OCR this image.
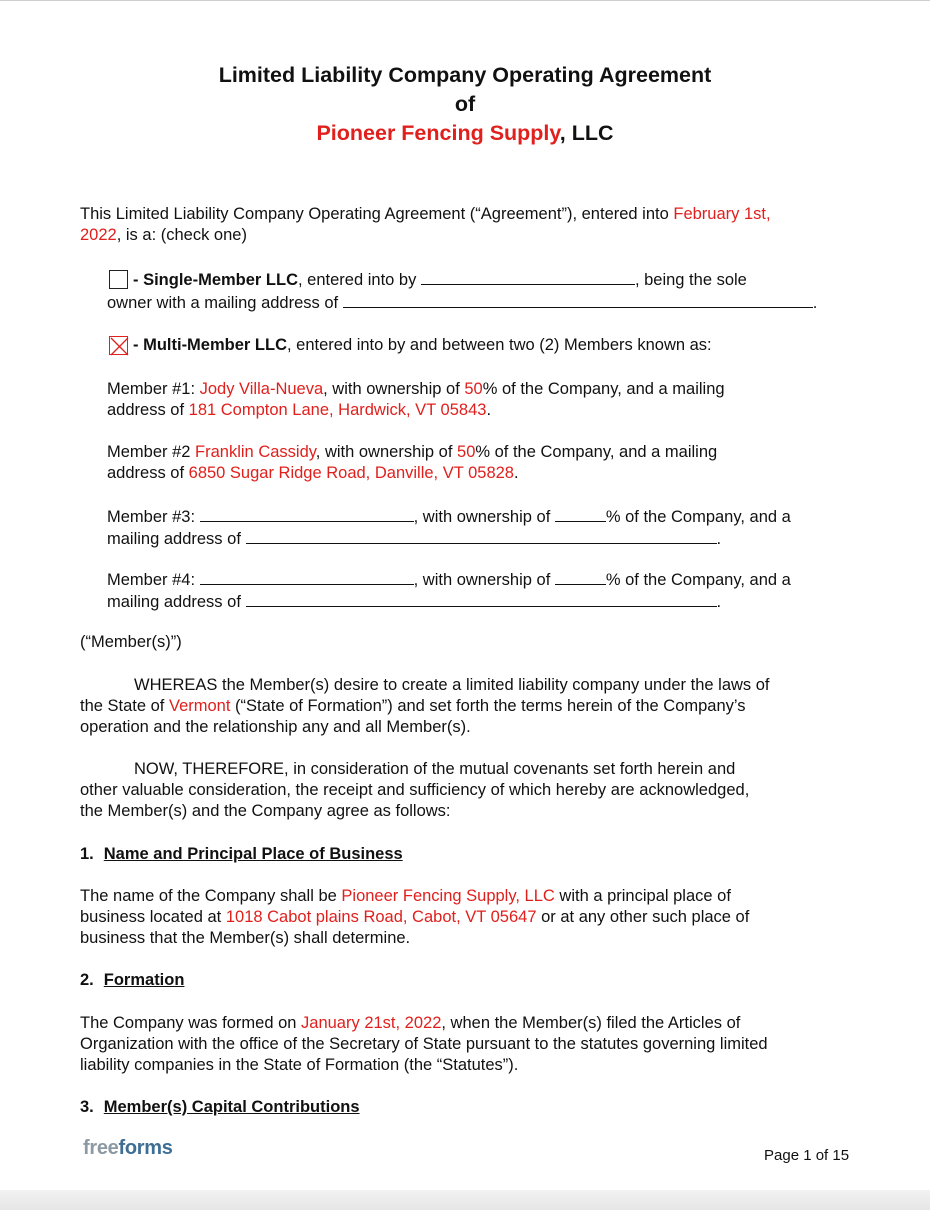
Limited Liability Company Operating Agreement
of
Pioneer Fencing Supply, LLC
This Limited Liability Company Operating Agreement (“Agreement”), entered into February 1st,
2022, is a: (check one)
- Single-Member LLC, entered into by	, being the sole
owner with a mailing address of	.
- Multi-Member LLC, entered into by and between two (2) Members known as:
Member #1: Jody Villa-Nueva, with ownership of 50% of the Company, and a mailing
address of 181 Compton Lane, Hardwick, VT 05843.
Member #2 Franklin Cassidy, with ownership of 50% of the Company, and a mailing
address of 6850 Sugar Ridge Road, Danville, VT 05828.
Member #3:	, with ownership of	% of the Company, and a
mailing address of	.
Member #4:	, with ownership of	% of the Company, and a
mailing address of	.
(“Member(s)”)
WHEREAS the Member(s) desire to create a limited liability company under the laws of
the State of Vermont (“State of Formation”) and set forth the terms herein of the Company’s
operation and the relationship any and all Member(s).
NOW, THEREFORE, in consideration of the mutual covenants set forth herein and
other valuable consideration, the receipt and sufficiency of which hereby are acknowledged,
the Member(s) and the Company agree as follows:
1. Name and Principal Place of Business
The name of the Company shall be Pioneer Fencing Supply, LLC with a principal place of
business located at 1018 Cabot plains Road, Cabot, VT 05647 or at any other such place of
business that the Member(s) shall determine.
2. Formation
The Company was formed on January 21st, 2022, when the Member(s) filed the Articles of
Organization with the office of the Secretary of State pursuant to the statutes governing limited
liability companies in the State of Formation (the “Statutes”).
3. Member(s) Capital Contributions
freeforms	Page 1 of 15
